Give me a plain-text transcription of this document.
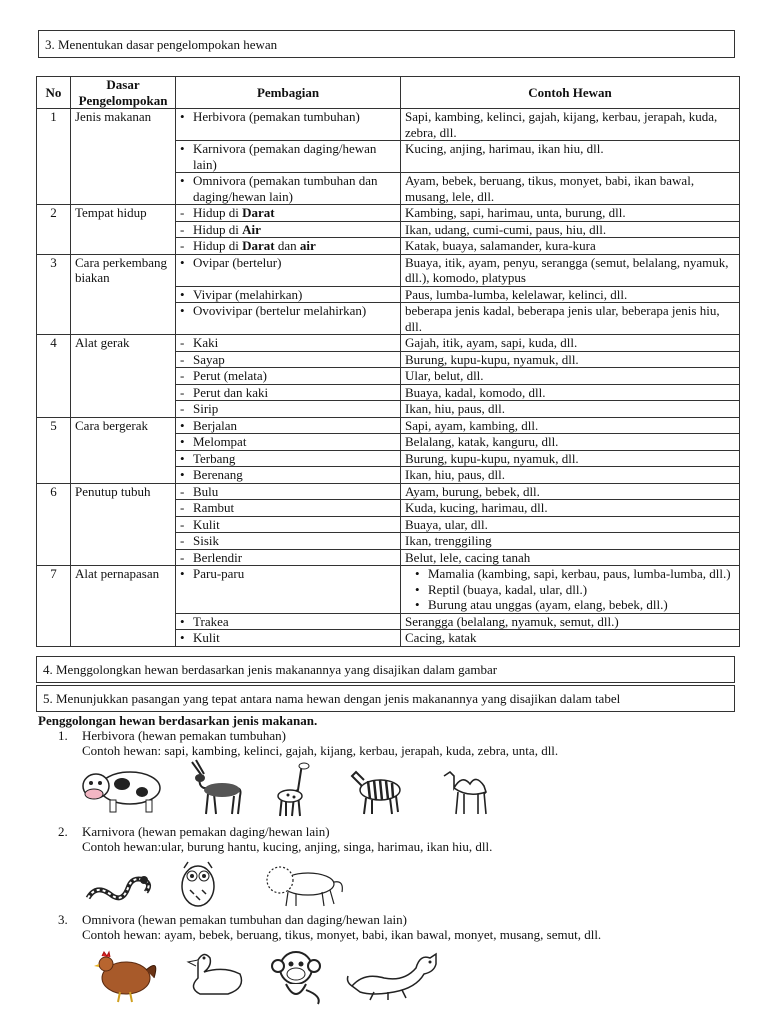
3. Menentukan dasar pengelompokan hewan
No	Dasar Pengelompokan	Pembagian	Contoh Hewan
1	Jenis makanan	• Herbivora (pemakan tumbuhan)	Sapi, kambing, kelinci, gajah, kijang, kerbau, jerapah, kuda, zebra, dll.

		• Karnivora (pemakan daging/hewan lain)	Kucing, anjing, harimau, ikan hiu, dll.

		• Omnivora (pemakan tumbuhan dan daging/hewan lain)	Ayam, bebek, beruang, tikus, monyet, babi, ikan bawal, musang, lele, dll.
2	Tempat hidup	- Hidup di Darat	Kambing, sapi, harimau, unta, burung, dll.

		- Hidup di Air	Ikan, udang, cumi-cumi, paus, hiu, dll.

		- Hidup di Darat dan air	Katak, buaya, salamander, kura-kura
3	Cara perkembangbiakan	• Ovipar (bertelur)	Buaya, itik, ayam, penyu, serangga (semut, belalang, nyamuk, dll.), komodo, platypus

		• Vivipar (melahirkan)	Paus, lumba-lumba, kelelawar, kelinci, dll.

		• Ovovivipar (bertelur melahirkan)	beberapa jenis kadal, beberapa jenis ular, beberapa jenis hiu, dll.
4	Alat gerak	- Kaki	Gajah, itik, ayam, sapi, kuda, dll.

		- Sayap	Burung, kupu-kupu, nyamuk, dll.

		- Perut (melata)	Ular, belut, dll.

		- Perut dan kaki	Buaya, kadal, komodo, dll.

		- Sirip	Ikan, hiu, paus, dll.
5	Cara bergerak	• Berjalan	Sapi, ayam, kambing, dll.

		• Melompat	Belalang, katak, kanguru, dll.

		• Terbang	Burung, kupu-kupu, nyamuk, dll.

		• Berenang	Ikan, hiu, paus, dll.
6	Penutup tubuh	- Bulu	Ayam, burung, bebek, dll.

		- Rambut	Kuda, kucing, harimau, dll.

		- Kulit	Buaya, ular, dll.

		- Sisik	Ikan, trenggiling

		- Berlendir	Belut, lele, cacing tanah
7	Alat pernapasan	• Paru-paru	• Mamalia (kambing, sapi, kerbau, paus, lumba-lumba, dll.)
• Reptil (buaya, kadal, ular, dll.)
• Burung atau unggas (ayam, elang, bebek, dll.)

		• Trakea	Serangga (belalang, nyamuk, semut, dll.)

		• Kulit	Cacing, katak
4. Menggolongkan hewan berdasarkan jenis makanannya yang disajikan dalam gambar
5. Menunjukkan pasangan yang tepat antara nama hewan dengan jenis makanannya yang disajikan dalam tabel
Penggolongan hewan berdasarkan jenis makanan.
1.	Herbivora (hewan pemakan tumbuhan)
Contoh hewan: sapi, kambing, kelinci, gajah, kijang, kerbau, jerapah, kuda, zebra, unta, dll.
2.	Karnivora (hewan pemakan daging/hewan lain)
Contoh hewan:ular, burung hantu, kucing, anjing, singa, harimau, ikan hiu, dll.
3.	Omnivora (hewan pemakan tumbuhan dan daging/hewan lain)
Contoh hewan: ayam, bebek, beruang, tikus, monyet, babi, ikan bawal, monyet, musang, semut, dll.
